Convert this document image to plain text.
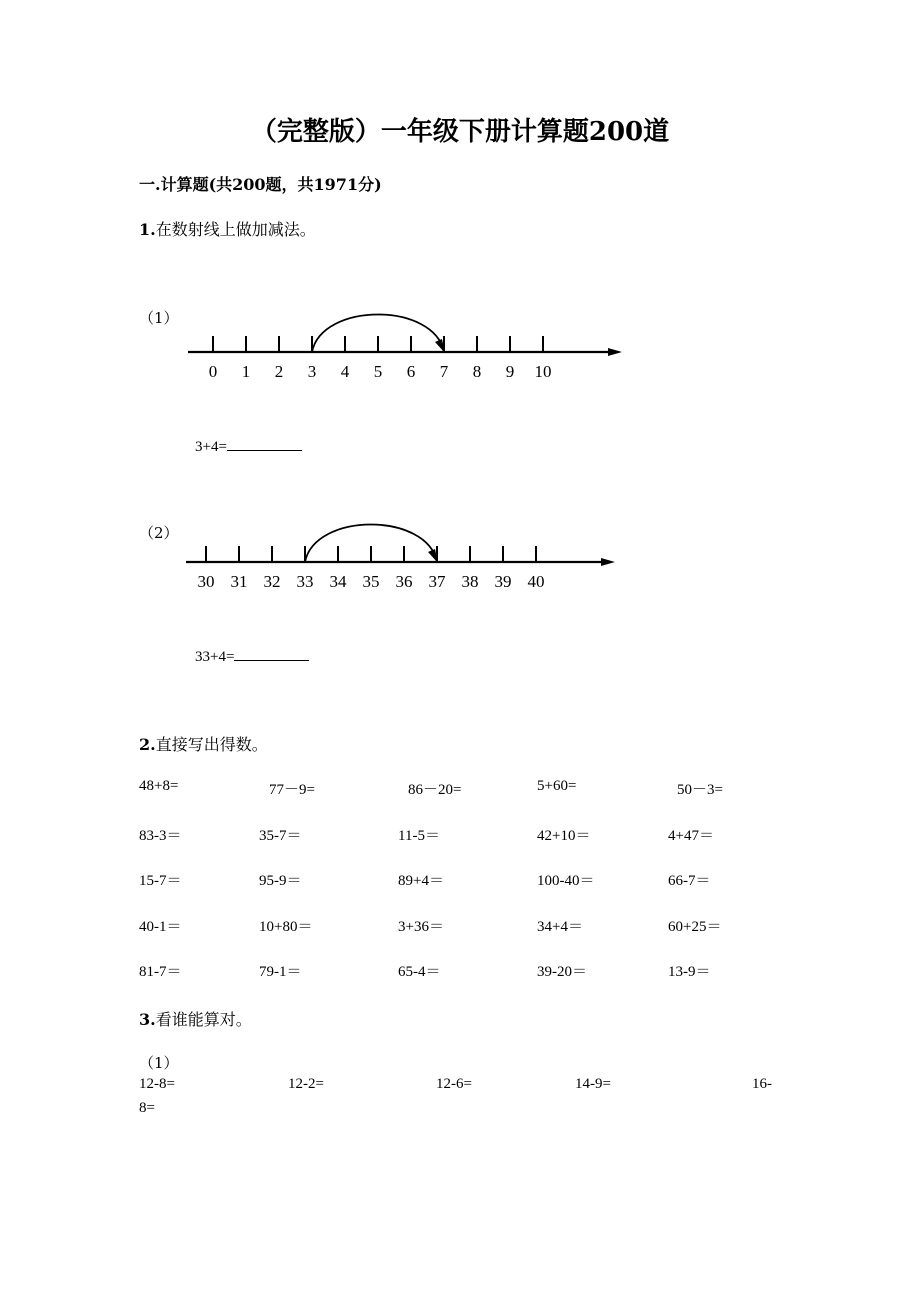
（完整版）一年级下册计算题200道
一.计算题(共200题，共1971分)
1.在数射线上做加减法。
（1）
0 1 2 3 4 5 6 7 8 9 10
3+4=
（2）
30 31 32 33 34 35 36 37 38 39 40
33+4=
2.直接写出得数。
48+8=	77－9=	86－20=	5+60=	50－3=
83-3＝	35-7＝	11-5＝	42+10＝	4+47＝
15-7＝	95-9＝	89+4＝	100-40＝	66-7＝
40-1＝	10+80＝	3+36＝	34+4＝	60+25＝
81-7＝	79-1＝	65-4＝	39-20＝	13-9＝
3.看谁能算对。
（1）
12-8=	12-2=	12-6=	14-9=	16-
8=
